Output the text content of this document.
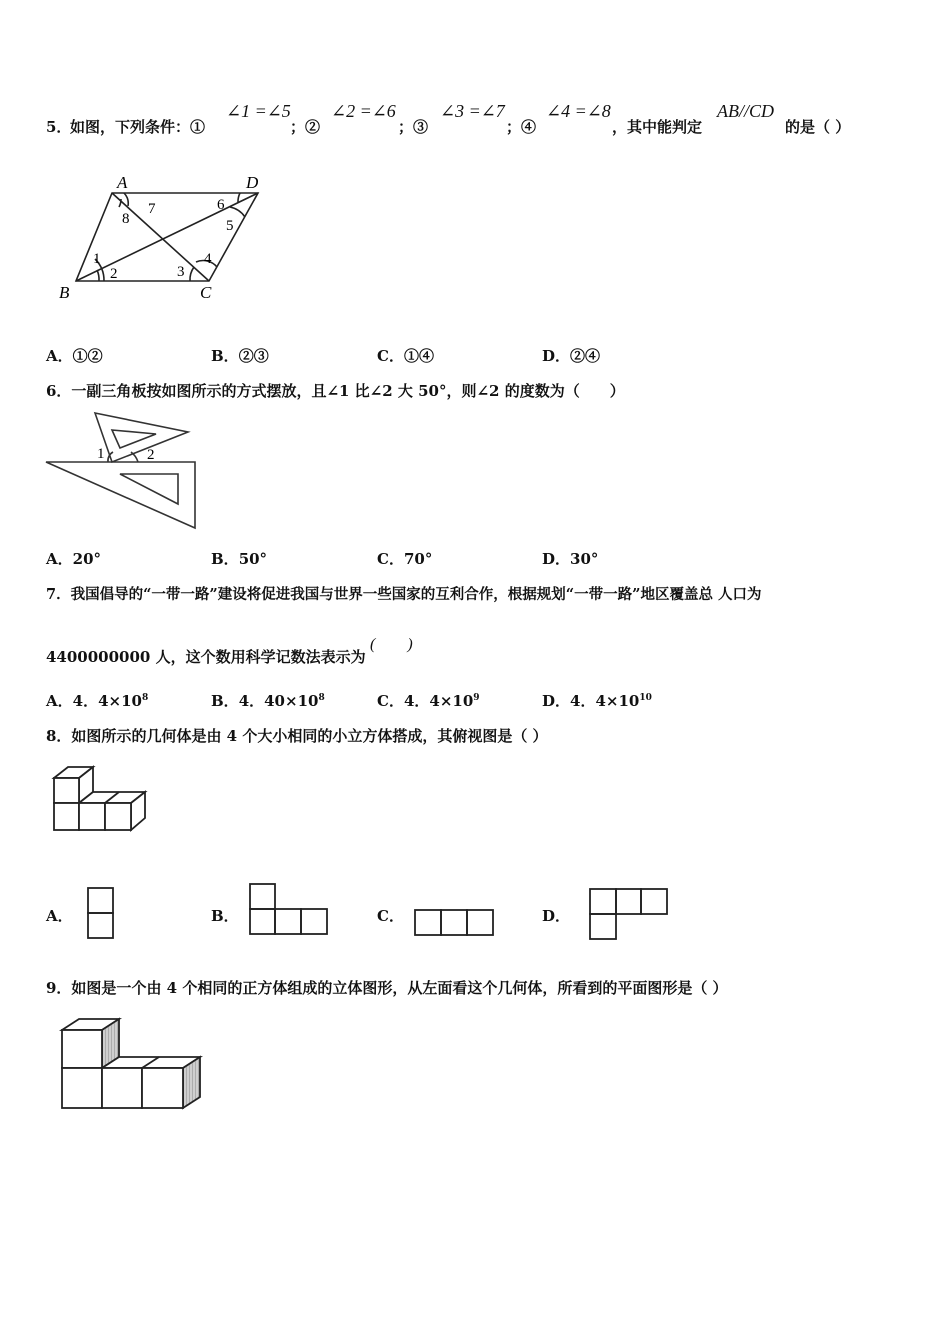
5．
如图，下列条件：①
∠1 =∠5
；②
∠2 =∠6
；③
∠3 =∠7
；④
∠4 =∠8
，其中能判定
AB//CD
的是（ ）
A	D
B	C
1
2	3
4
5
6
7
8
A．①②	B．②③	C．①④	D．②④
6．一副三角板按如图所示的方式摆放，且∠1 比∠2 大 50°，则∠2 的度数为（　　）
1	2
A．20°	B．50°	C．70°	D．30°
7．我国倡导的“一带一路”建设将促进我国与世界一些国家的互利合作，根据规划“一带一路”地区覆盖总 人口为
4400000000 人，这个数用科学记数法表示为
(　　)
A．4．$4\times 10^8$	B．4．$40\times 10^8$	C．4．$4\times 10^9$	D．4．$4\times 10^{10}$
8．如图所示的几何体是由 4 个大小相同的小立方体搭成，其俯视图是（ ）
A．	B．	C．	D．
9．如图是一个由 4 个相同的正方体组成的立体图形，从左面看这个几何体，所看到的平面图形是（ ）
